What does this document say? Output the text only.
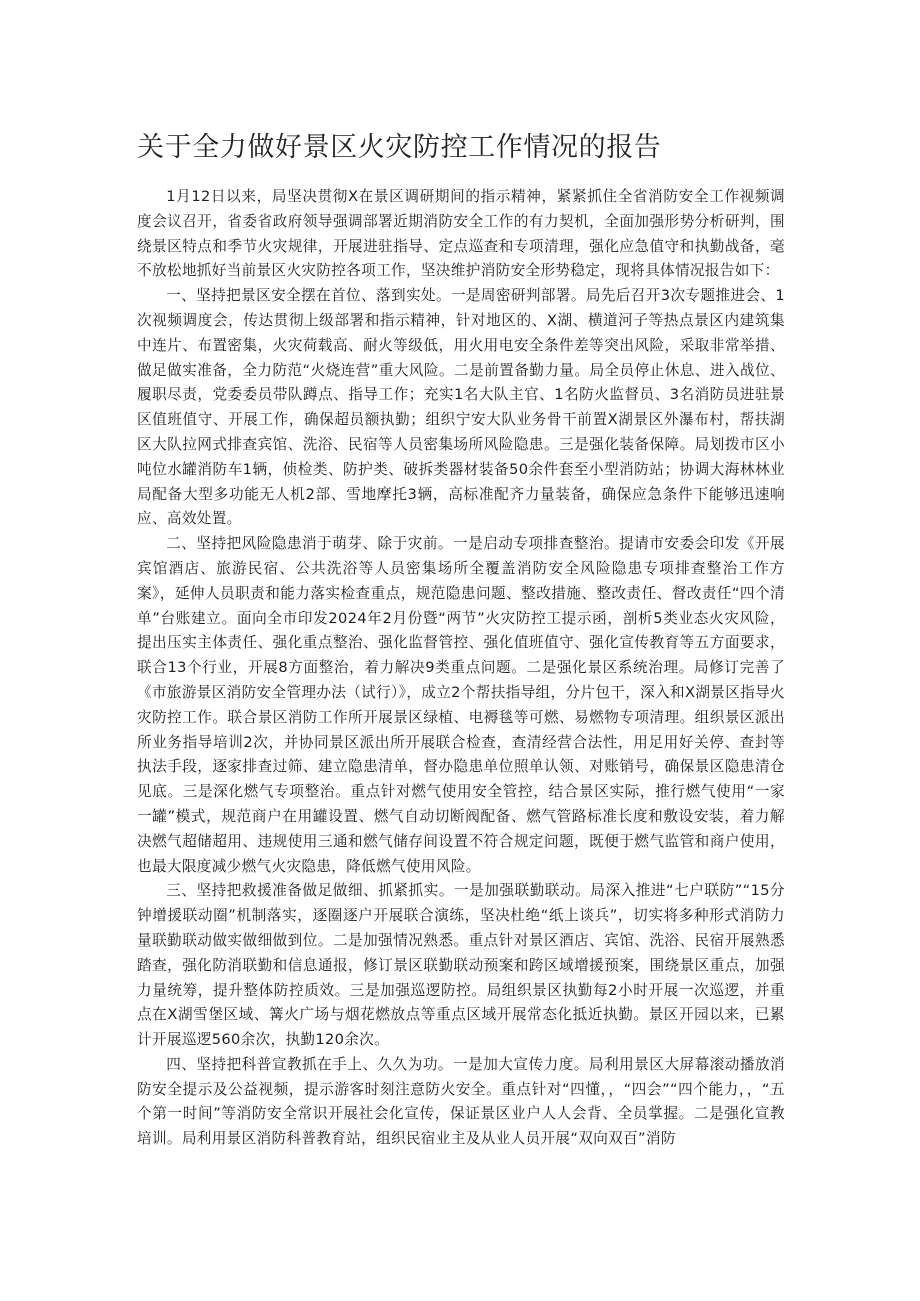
关于全力做好景区火灾防控工作情况的报告

1月12日以来，局坚决贯彻X在景区调研期间的指示精神，紧紧抓住全省消防安全工作视频调度会议召开，省委省政府领导强调部署近期消防安全工作的有力契机，全面加强形势分析研判，围绕景区特点和季节火灾规律，开展进驻指导、定点巡查和专项清理，强化应急值守和执勤战备，毫不放松地抓好当前景区火灾防控各项工作，坚决维护消防安全形势稳定，现将具体情况报告如下：

一、坚持把景区安全摆在首位、落到实处。一是周密研判部署。局先后召开3次专题推进会、1次视频调度会，传达贯彻上级部署和指示精神，针对地区的、X湖、横道河子等热点景区内建筑集中连片、布置密集，火灾荷载高、耐火等级低，用火用电安全条件差等突出风险，采取非常举措、做足做实准备，全力防范“火烧连营”重大风险。二是前置备勤力量。局全员停止休息、进入战位、履职尽责，党委委员带队蹲点、指导工作；充实1名大队主官、1名防火监督员、3名消防员进驻景区值班值守、开展工作，确保超员额执勤；组织宁安大队业务骨干前置X湖景区外瀑布村，帮扶湖区大队拉网式排查宾馆、洗浴、民宿等人员密集场所风险隐患。三是强化装备保障。局划拨市区小吨位水罐消防车1辆，侦检类、防护类、破拆类器材装备50余件套至小型消防站；协调大海林林业局配备大型多功能无人机2部、雪地摩托3辆，高标准配齐力量装备，确保应急条件下能够迅速响应、高效处置。

二、坚持把风险隐患消于萌芽、除于灾前。一是启动专项排查整治。提请市安委会印发《开展宾馆酒店、旅游民宿、公共洗浴等人员密集场所全覆盖消防安全风险隐患专项排查整治工作方案》，延伸人员职责和能力落实检查重点，规范隐患问题、整改措施、整改责任、督改责任“四个清单”台账建立。面向全市印发2024年2月份暨“两节”火灾防控工提示函，剖析5类业态火灾风险，提出压实主体责任、强化重点整治、强化监督管控、强化值班值守、强化宣传教育等五方面要求，联合13个行业，开展8方面整治，着力解决9类重点问题。二是强化景区系统治理。局修订完善了《市旅游景区消防安全管理办法（试行）》，成立2个帮扶指导组，分片包干，深入和X湖景区指导火灾防控工作。联合景区消防工作所开展景区绿植、电褥毯等可燃、易燃物专项清理。组织景区派出所业务指导培训2次，并协同景区派出所开展联合检查，查清经营合法性，用足用好关停、查封等执法手段，逐家排查过筛、建立隐患清单，督办隐患单位照单认领、对账销号，确保景区隐患清仓见底。三是深化燃气专项整治。重点针对燃气使用安全管控，结合景区实际，推行燃气使用“一家一罐”模式，规范商户在用罐设置、燃气自动切断阀配备、燃气管路标准长度和敷设安装，着力解决燃气超储超用、违规使用三通和燃气储存间设置不符合规定问题，既便于燃气监管和商户使用，也最大限度减少燃气火灾隐患，降低燃气使用风险。

三、坚持把救援准备做足做细、抓紧抓实。一是加强联勤联动。局深入推进“七户联防”“15分钟增援联动圈”机制落实，逐圈逐户开展联合演练，坚决杜绝“纸上谈兵”，切实将多种形式消防力量联勤联动做实做细做到位。二是加强情况熟悉。重点针对景区酒店、宾馆、洗浴、民宿开展熟悉踏查，强化防消联勤和信息通报，修订景区联勤联动预案和跨区域增援预案，围绕景区重点，加强力量统筹，提升整体防控质效。三是加强巡逻防控。局组织景区执勤每2小时开展一次巡逻，并重点在X湖雪堡区域、篝火广场与烟花燃放点等重点区域开展常态化抵近执勤。景区开园以来，已累计开展巡逻560余次，执勤120余次。

四、坚持把科普宣教抓在手上、久久为功。一是加大宣传力度。局利用景区大屏幕滚动播放消防安全提示及公益视频，提示游客时刻注意防火安全。重点针对“四懂，，“四会”“四个能力，，“五个第一时间”等消防安全常识开展社会化宣传，保证景区业户人人会背、全员掌握。二是强化宣教培训。局利用景区消防科普教育站，组织民宿业主及从业人员开展“双向双百”消防
